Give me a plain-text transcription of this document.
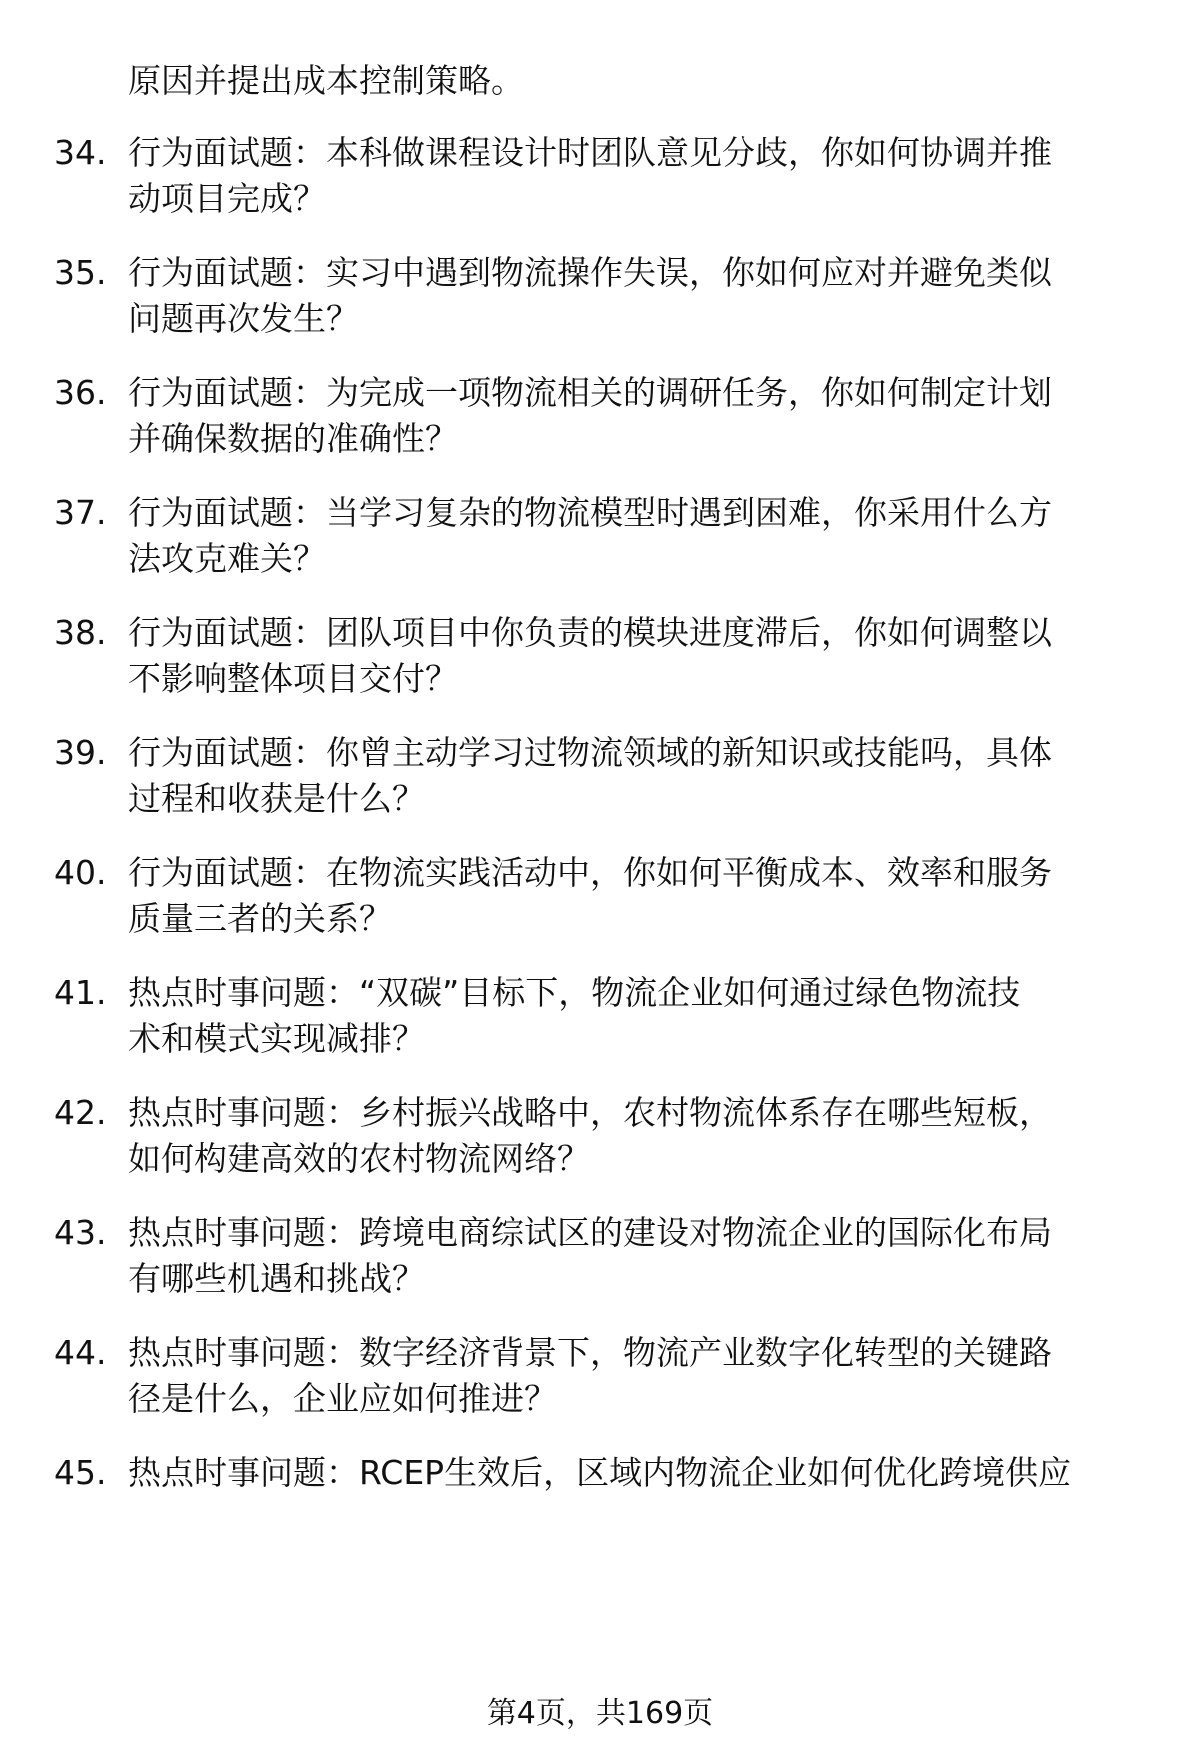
原因并提出成本控制策略。
34. 行为面试题：本科做课程设计时团队意见分歧，你如何协调并推
动项目完成？
35. 行为面试题：实习中遇到物流操作失误，你如何应对并避免类似
问题再次发生？
36. 行为面试题：为完成一项物流相关的调研任务，你如何制定计划
并确保数据的准确性？
37. 行为面试题：当学习复杂的物流模型时遇到困难，你采用什么方
法攻克难关？
38. 行为面试题：团队项目中你负责的模块进度滞后，你如何调整以
不影响整体项目交付？
39. 行为面试题：你曾主动学习过物流领域的新知识或技能吗，具体
过程和收获是什么？
40. 行为面试题：在物流实践活动中，你如何平衡成本、效率和服务
质量三者的关系？
41. 热点时事问题：“双碳”目标下，物流企业如何通过绿色物流技
术和模式实现减排？
42. 热点时事问题：乡村振兴战略中，农村物流体系存在哪些短板，
如何构建高效的农村物流网络？
43. 热点时事问题：跨境电商综试区的建设对物流企业的国际化布局
有哪些机遇和挑战？
44. 热点时事问题：数字经济背景下，物流产业数字化转型的关键路
径是什么，企业应如何推进？
45. 热点时事问题：RCEP生效后，区域内物流企业如何优化跨境供应
第4页，共169页
